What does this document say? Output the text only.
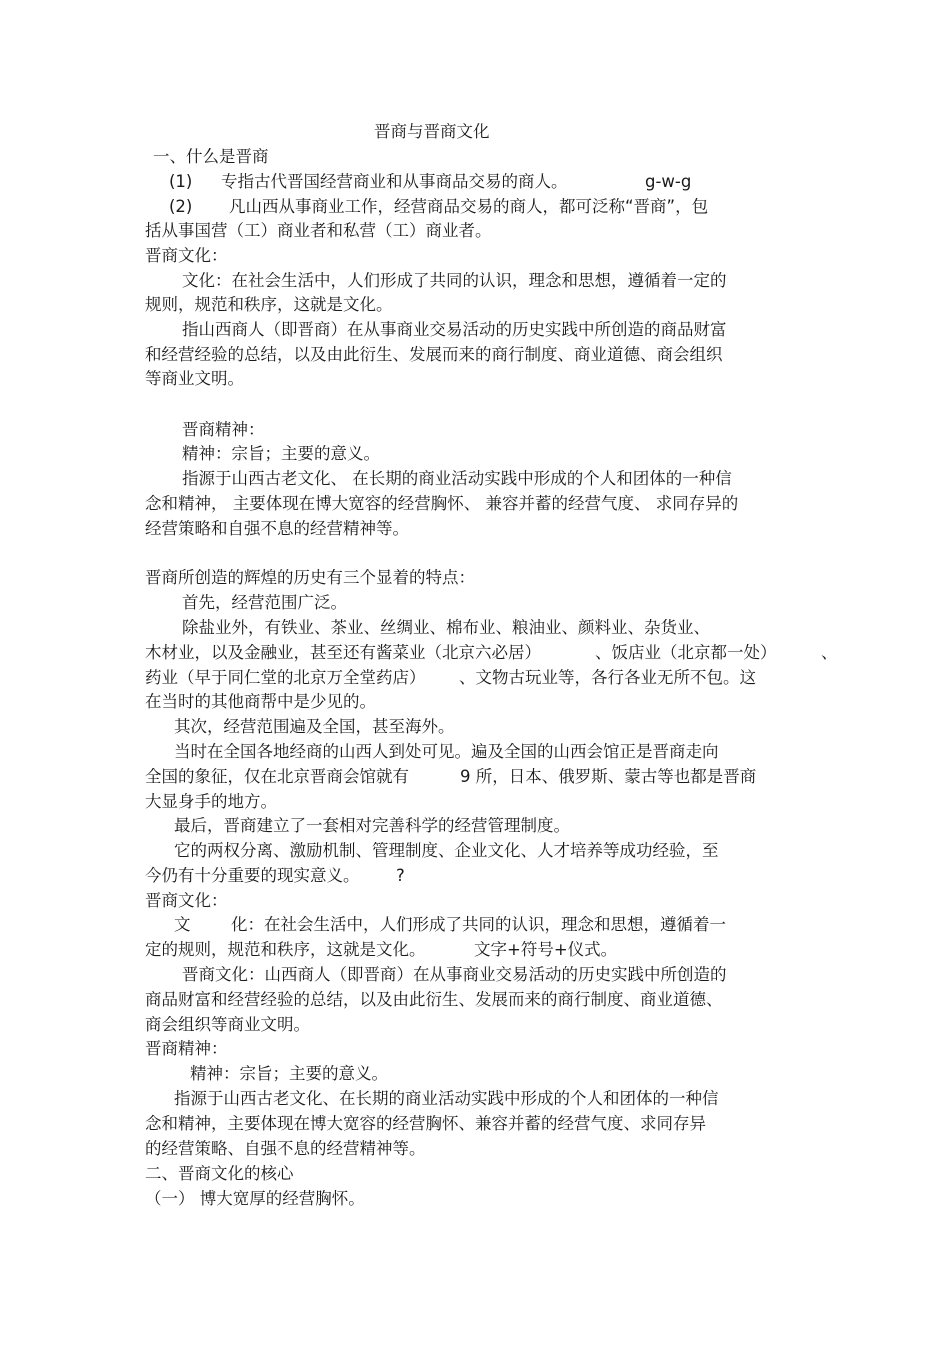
晋商与晋商文化
一、什么是晋商
(1) 专指古代晋国经营商业和从事商品交易的商人。	g-w-g
(2) 凡山西从事商业工作，经营商品交易的商人，都可泛称“晋商”，包
括从事国营（工）商业者和私营（工）商业者。
晋商文化：
文化：在社会生活中，人们形成了共同的认识，理念和思想，遵循着一定的
规则，规范和秩序，这就是文化。
指山西商人（即晋商）在从事商业交易活动的历史实践中所创造的商品财富
和经营经验的总结，以及由此衍生、发展而来的商行制度、商业道德、商会组织
等商业文明。
晋商精神：
精神：宗旨；主要的意义。
指源于山西古老文化、 在长期的商业活动实践中形成的个人和团体的一种信
念和精神， 主要体现在博大宽容的经营胸怀、 兼容并蓄的经营气度、 求同存异的
经营策略和自强不息的经营精神等。
晋商所创造的辉煌的历史有三个显着的特点：
首先，经营范围广泛。
除盐业外，有铁业、茶业、丝绸业、棉布业、粮油业、颜料业、杂货业、
木材业，以及金融业，甚至还有酱菜业（北京六必居）	、饭店业（北京都一处）	、
药业（早于同仁堂的北京万全堂药店） 、文物古玩业等，各行各业无所不包。这
在当时的其他商帮中是少见的。
其次，经营范围遍及全国，甚至海外。
当时在全国各地经商的山西人到处可见。遍及全国的山西会馆正是晋商走向
全国的象征，仅在北京晋商会馆就有	9 所，日本、俄罗斯、蒙古等也都是晋商
大显身手的地方。
最后，晋商建立了一套相对完善科学的经营管理制度。
它的两权分离、激励机制、管理制度、企业文化、人才培养等成功经验，至
今仍有十分重要的现实意义。 ?
晋商文化：
文 化：在社会生活中，人们形成了共同的认识，理念和思想，遵循着一
定的规则，规范和秩序，这就是文化。	文字+符号+仪式。
晋商文化：山西商人（即晋商）在从事商业交易活动的历史实践中所创造的
商品财富和经营经验的总结，以及由此衍生、发展而来的商行制度、商业道德、
商会组织等商业文明。
晋商精神：
精神：宗旨；主要的意义。
指源于山西古老文化、在长期的商业活动实践中形成的个人和团体的一种信
念和精神，主要体现在博大宽容的经营胸怀、兼容并蓄的经营气度、求同存异
的经营策略、自强不息的经营精神等。
二、晋商文化的核心
（一） 博大宽厚的经营胸怀。
